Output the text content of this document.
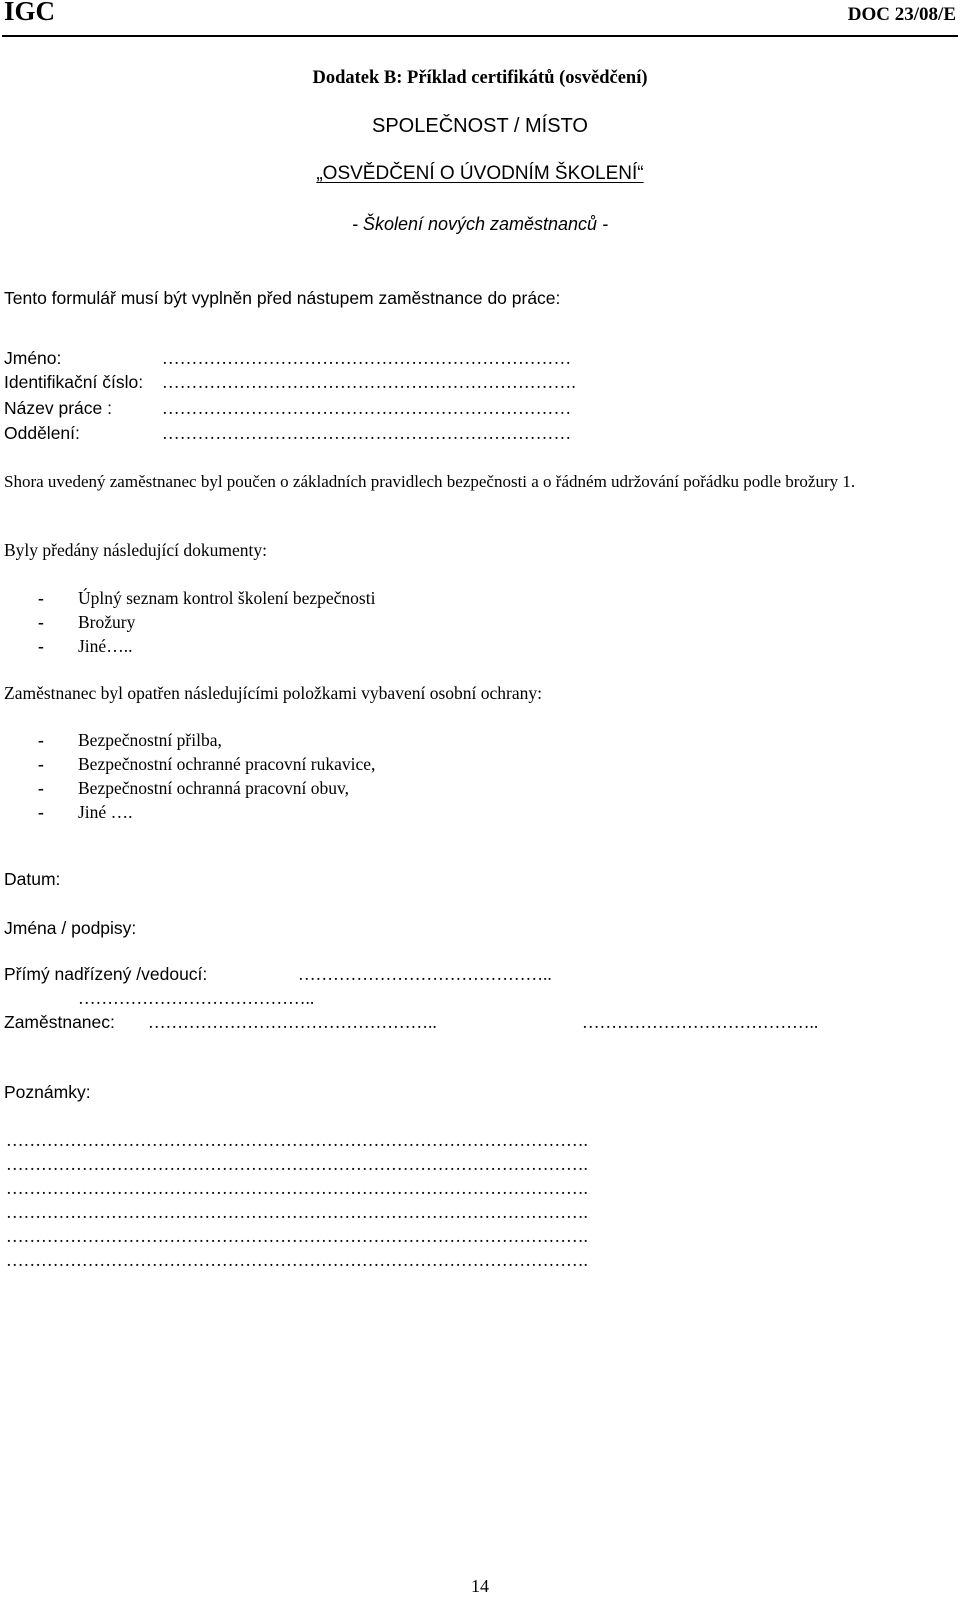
IGC	DOC 23/08/E
Dodatek B: Příklad certifikátů (osvědčení)
SPOLEČNOST / MÍSTO
„OSVĚDČENÍ O ÚVODNÍM ŠKOLENÍ“
- Školení nových zaměstnanců -
Tento formulář musí být vyplněn před nástupem zaměstnance do práce:
Jméno:	……………………………………………………………
Identifikační číslo: …………………………………………………………….
Název práce :	……………………………………………………………
Oddělení:	……………………………………………………………
Shora uvedený zaměstnanec byl poučen o základních pravidlech bezpečnosti a o řádném udržování pořádku podle brožury 1.
Byly předány následující dokumenty:
- Úplný seznam kontrol školení bezpečnosti
- Brožury
- Jiné…..
Zaměstnanec byl opatřen následujícími položkami vybavení osobní ochrany:
- Bezpečnostní přilba,
- Bezpečnostní ochranné pracovní rukavice,
- Bezpečnostní ochranná pracovní obuv,
- Jiné ….
Datum:
Jména / podpisy:
Přímý nadřízený /vedoucí:	……………………………………..
…………………………………..
Zaměstnanec: …………………………………………..	…………………………………..
Poznámky:
……………………………………………………………………………………….
……………………………………………………………………………………….
……………………………………………………………………………………….
……………………………………………………………………………………….
……………………………………………………………………………………….
……………………………………………………………………………………….
14
